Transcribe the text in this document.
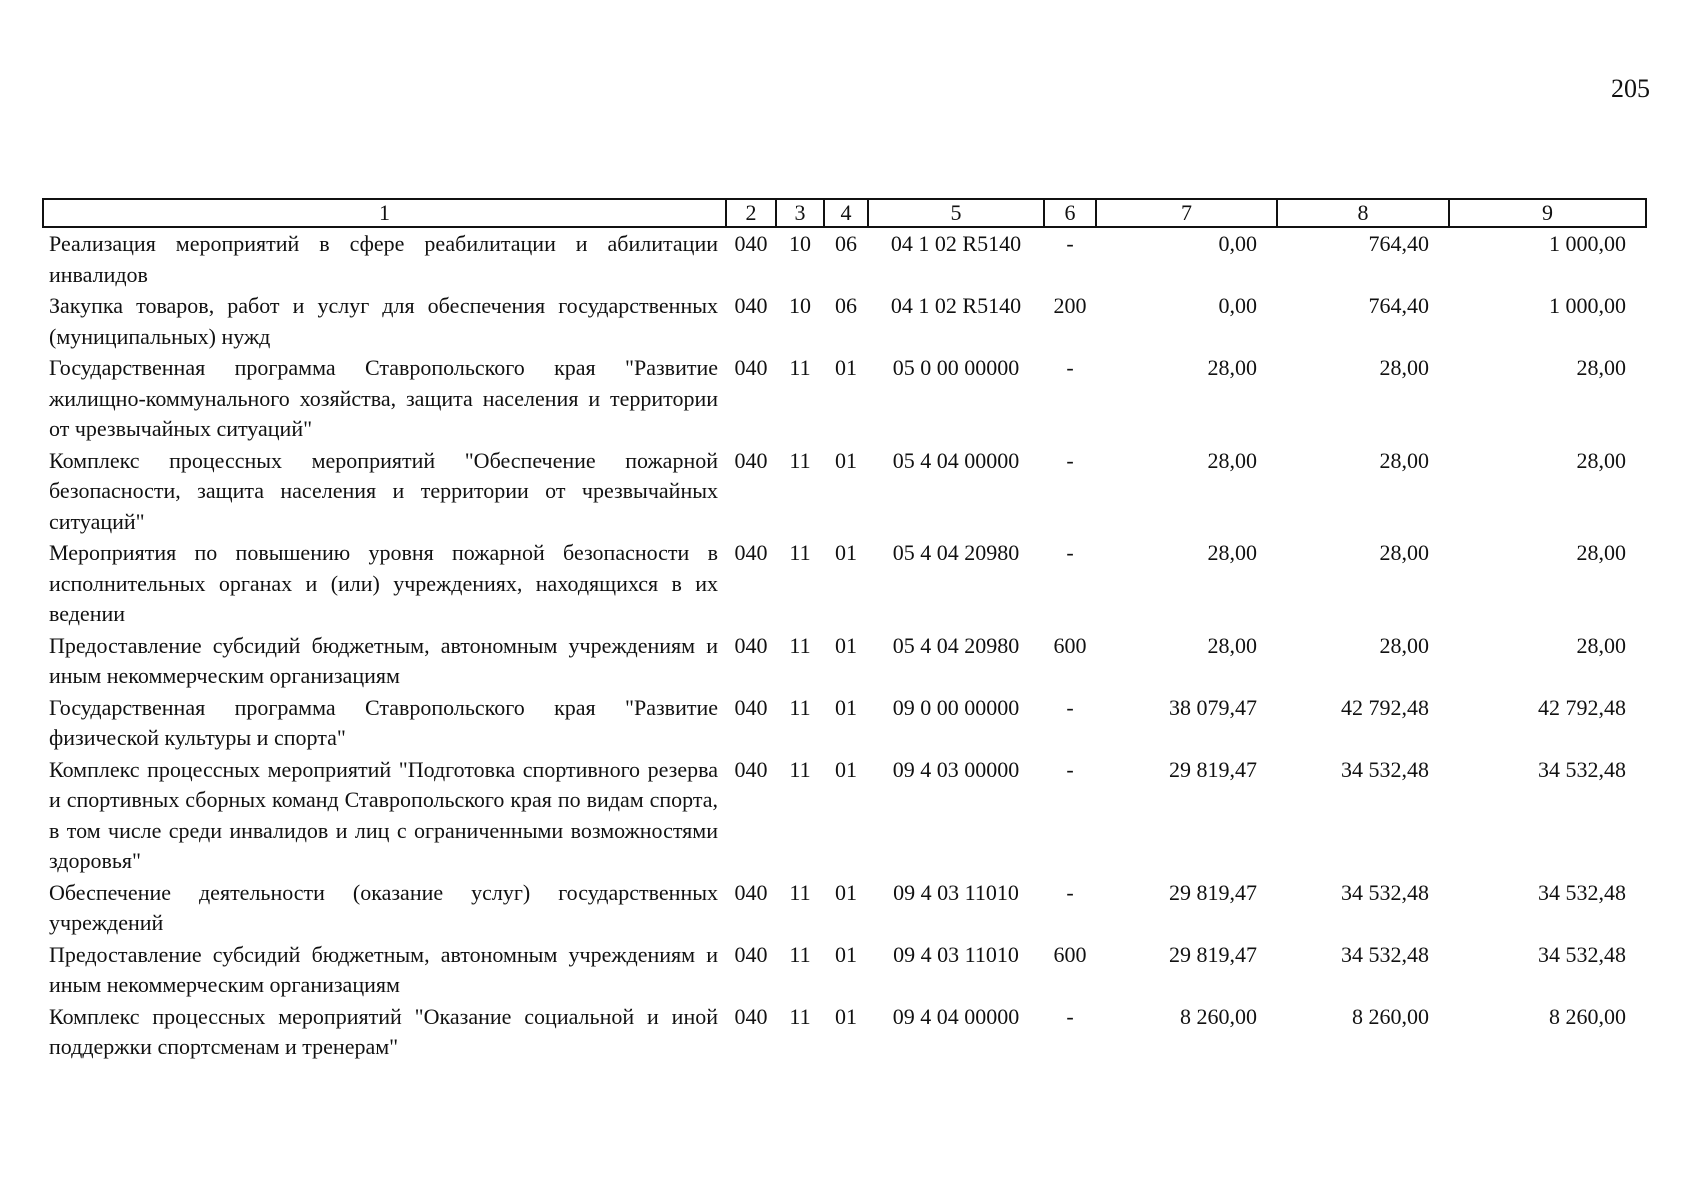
205
1	2	3	4	5	6	7	8	9
Реализация мероприятий в сфере реабилитации и абилитации инвалидов	040	10	06	04 1 02 R5140	-	0,00	764,40	1 000,00
Закупка товаров, работ и услуг для обеспечения государственных (муниципальных) нужд	040	10	06	04 1 02 R5140	200	0,00	764,40	1 000,00
Государственная программа Ставропольского края "Развитие жилищно-коммунального хозяйства, защита населения и территории от чрезвычайных ситуаций"	040	11	01	05 0 00 00000	-	28,00	28,00	28,00
Комплекс процессных мероприятий "Обеспечение пожарной безопасности, защита населения и территории от чрезвычайных ситуаций"	040	11	01	05 4 04 00000	-	28,00	28,00	28,00
Мероприятия по повышению уровня пожарной безопасности в исполнительных органах и (или) учреждениях, находящихся в их ведении	040	11	01	05 4 04 20980	-	28,00	28,00	28,00
Предоставление субсидий бюджетным, автономным учреждениям и иным некоммерческим организациям	040	11	01	05 4 04 20980	600	28,00	28,00	28,00
Государственная программа Ставропольского края "Развитие физической культуры и спорта"	040	11	01	09 0 00 00000	-	38 079,47	42 792,48	42 792,48
Комплекс процессных мероприятий "Подготовка спортивного резерва и спортивных сборных команд Ставропольского края по видам спорта, в том числе среди инвалидов и лиц с ограниченными возможностями здоровья"	040	11	01	09 4 03 00000	-	29 819,47	34 532,48	34 532,48
Обеспечение деятельности (оказание услуг) государственных учреждений	040	11	01	09 4 03 11010	-	29 819,47	34 532,48	34 532,48
Предоставление субсидий бюджетным, автономным учреждениям и иным некоммерческим организациям	040	11	01	09 4 03 11010	600	29 819,47	34 532,48	34 532,48
Комплекс процессных мероприятий "Оказание социальной и иной поддержки спортсменам и тренерам"	040	11	01	09 4 04 00000	-	8 260,00	8 260,00	8 260,00
